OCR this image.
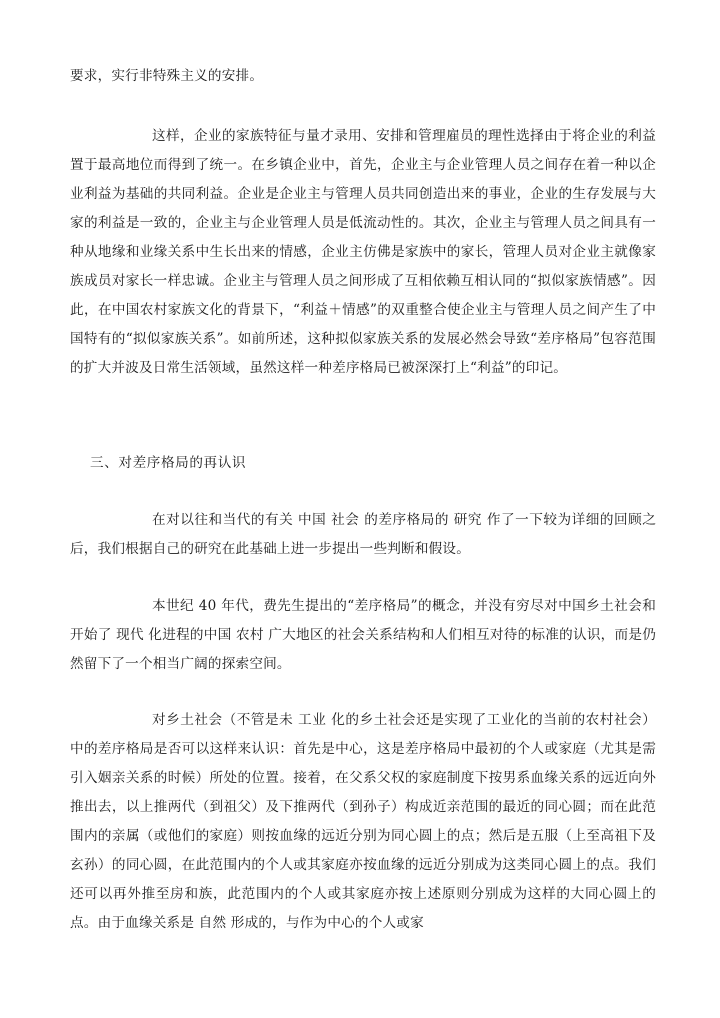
要求，实行非特殊主义的安排。

这样，企业的家族特征与量才录用、安排和管理雇员的理性选择由于将企业的利益置于最高地位而得到了统一。在乡镇企业中，首先，企业主与企业管理人员之间存在着一种以企业利益为基础的共同利益。企业是企业主与管理人员共同创造出来的事业，企业的生存发展与大家的利益是一致的，企业主与企业管理人员是低流动性的。其次，企业主与管理人员之间具有一种从地缘和业缘关系中生长出来的情感，企业主仿佛是家族中的家长，管理人员对企业主就像家族成员对家长一样忠诚。企业主与管理人员之间形成了互相依赖互相认同的“拟似家族情感”。因此，在中国农村家族文化的背景下，“利益＋情感”的双重整合使企业主与管理人员之间产生了中国特有的“拟似家族关系”。如前所述，这种拟似家族关系的发展必然会导致“差序格局”包容范围的扩大并波及日常生活领域，虽然这样一种差序格局已被深深打上“利益”的印记。

三、对差序格局的再认识

在对以往和当代的有关 中国 社会 的差序格局的 研究 作了一下较为详细的回顾之后，我们根据自己的研究在此基础上进一步提出一些判断和假设。

本世纪 40 年代，费先生提出的“差序格局”的概念，并没有穷尽对中国乡土社会和开始了 现代 化进程的中国 农村 广大地区的社会关系结构和人们相互对待的标准的认识，而是仍然留下了一个相当广阔的探索空间。

对乡土社会（不管是未 工业 化的乡土社会还是实现了工业化的当前的农村社会）中的差序格局是否可以这样来认识：首先是中心，这是差序格局中最初的个人或家庭（尤其是需引入姻亲关系的时候）所处的位置。接着，在父系父权的家庭制度下按男系血缘关系的远近向外推出去，以上推两代（到祖父）及下推两代（到孙子）构成近亲范围的最近的同心圆；而在此范围内的亲属（或他们的家庭）则按血缘的远近分别为同心圆上的点；然后是五服（上至高祖下及玄孙）的同心圆，在此范围内的个人或其家庭亦按血缘的远近分别成为这类同心圆上的点。我们还可以再外推至房和族，此范围内的个人或其家庭亦按上述原则分别成为这样的大同心圆上的点。由于血缘关系是 自然 形成的，与作为中心的个人或家
